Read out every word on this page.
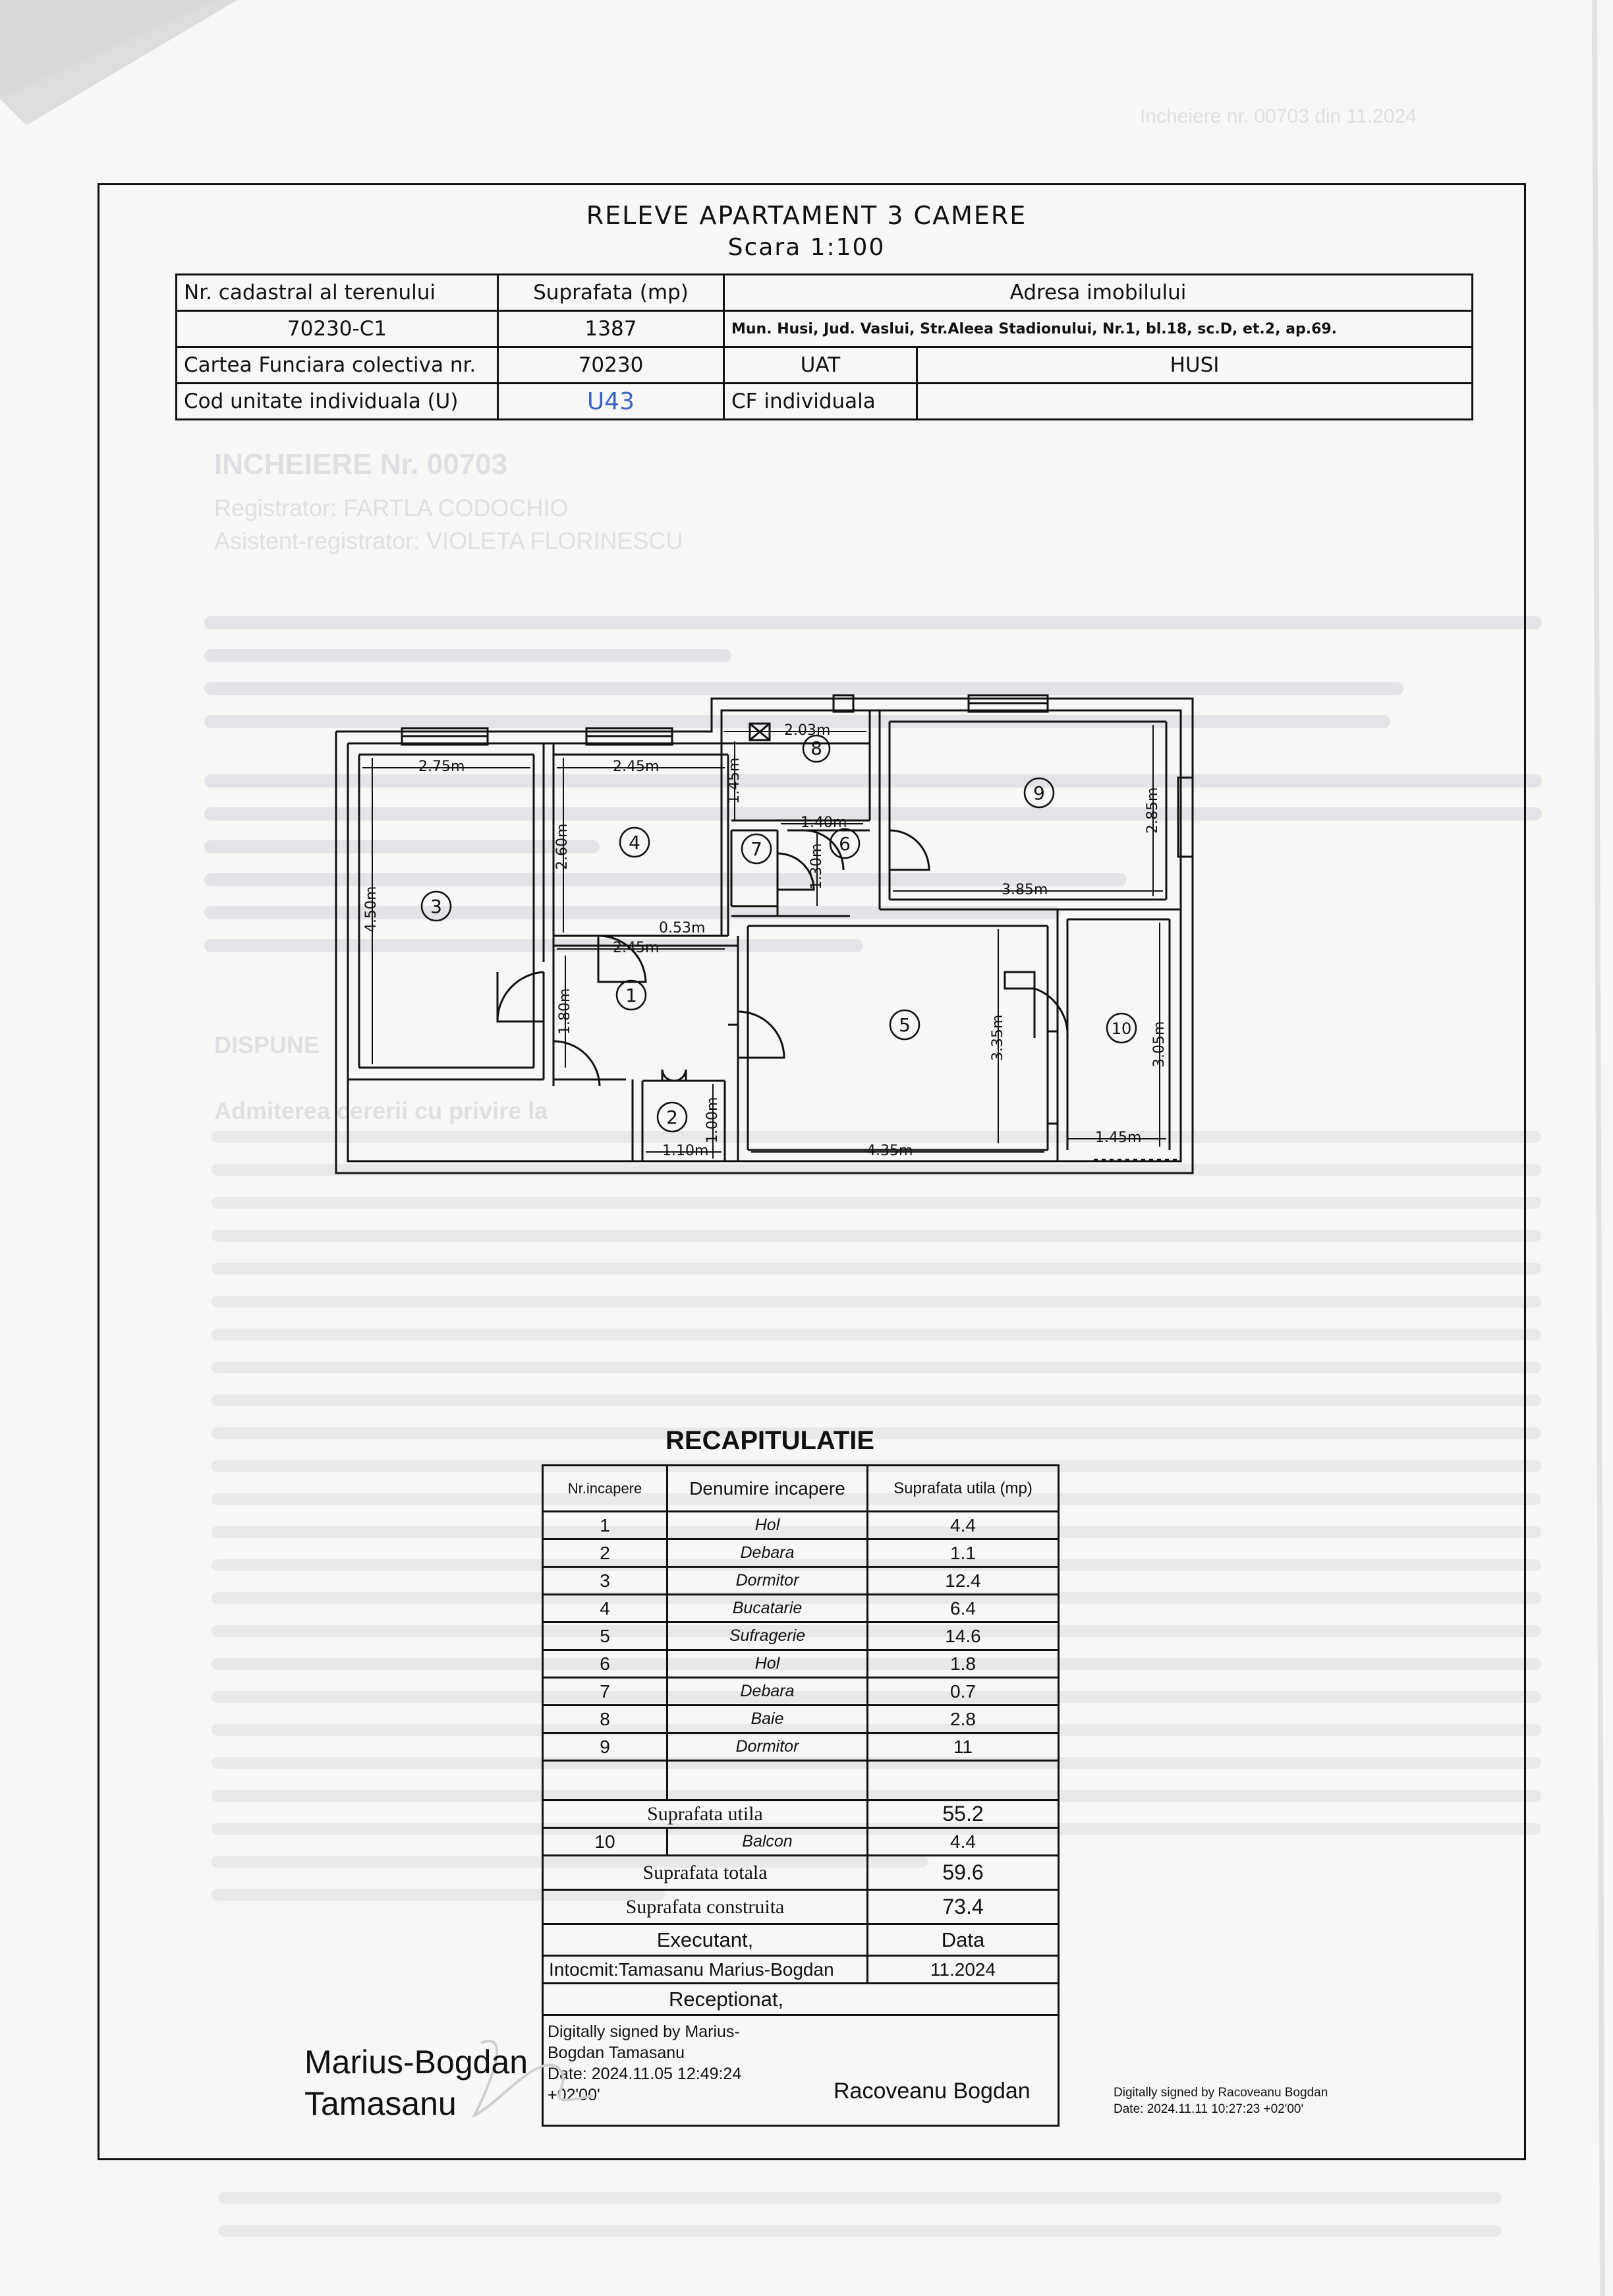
Incheiere nr. 00703 din 11.2024
INCHEIERE Nr. 00703
Registrator: FARTLA CODOCHIO
Asistent-registrator: VIOLETA FLORINESCU
DISPUNE
Admiterea cererii cu privire la
RELEVE APARTAMENT 3 CAMERE
Scara 1:100
Nr. cadastral al terenului	Suprafata (mp)	Adresa imobilului	
70230-C1	1387	Mun. Husi, Jud. Vaslui, Str.Aleea Stadionului, Nr.1, bl.18, sc.D, et.2, ap.69.	
Cartea Funciara colectiva nr.	70230	UAT	HUSI
Cod unitate individuala (U)	U43	CF individuala	
3
4
1
2
5
6
7
8
9
10
2.75m	2.45m
2.45m
0.53m
2.03m
1.40m
3.85m
1.45m
1.10m	4.35m
4.50m
2.60m
1.80m
1.45m
1.30m
2.85m
3.35m	3.05m
1.00m
RECAPITULATIE
Nr.incapere	Denumire incapere	Suprafata utila (mp)
1	Hol	4.4
2	Debara	1.1
3	Dormitor	12.4
4	Bucatarie	6.4
5	Sufragerie	14.6
6	Hol	1.8
7	Debara	0.7
8	Baie	2.8
9	Dormitor	11

Suprafata utila		55.2
10	Balcon	4.4
Suprafata totala		59.6
Suprafata construita		73.4
Executant,		Data
Intocmit:Tamasanu Marius-Bogdan		11.2024
Receptionat,		

Digitally signed by Marius-
Bogdan Tamasanu
Date: 2024.11.05 12:49:24
+02'00' Racoveanu Bogdan		
Marius-Bogdan
Tamasanu	Digitally signed by Racoveanu Bogdan
Date: 2024.11.11 10:27:23 +02'00'
